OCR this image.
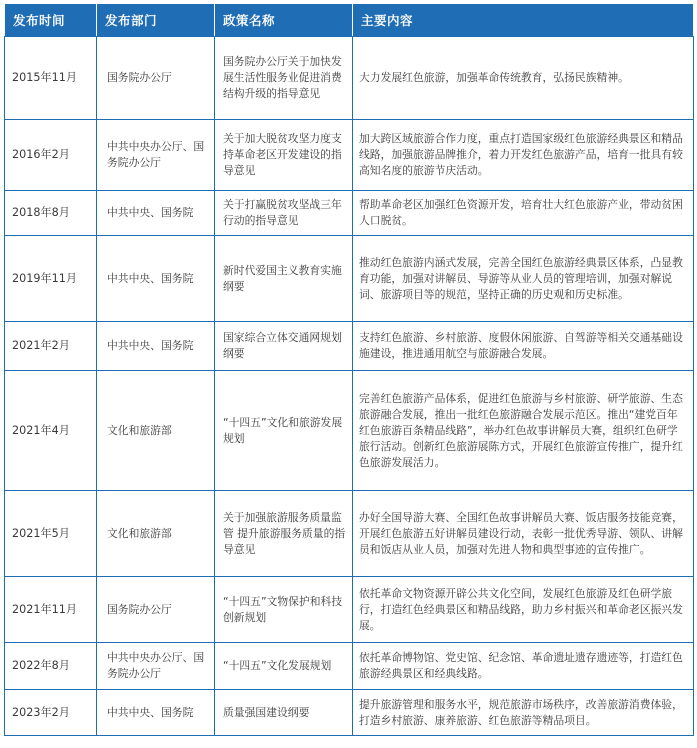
发布时间	发布部门	政策名称	主要内容
2015年11月	国务院办公厅	国务院办公厅关于加快发展生活性服务业促进消费结构升级的指导意见	大力发展红色旅游，加强革命传统教育，弘扬民族精神。
2016年2月	中共中央办公厅、国务院办公厅	关于加大脱贫攻坚力度支持革命老区开发建设的指导意见	加大跨区域旅游合作力度，重点打造国家级红色旅游经典景区和精品线路，加强旅游品牌推介，着力开发红色旅游产品，培育一批具有较高知名度的旅游节庆活动。
2018年8月	中共中央、国务院	关于打赢脱贫攻坚战三年行动的指导意见	帮助革命老区加强红色资源开发，培育壮大红色旅游产业，带动贫困人口脱贫。
2019年11月	中共中央、国务院	新时代爱国主义教育实施纲要	推动红色旅游内涵式发展，完善全国红色旅游经典景区体系，凸显教育功能，加强对讲解员、导游等从业人员的管理培训，加强对解说词、旅游项目等的规范，坚持正确的历史观和历史标准。
2021年2月	中共中央、国务院	国家综合立体交通网规划纲要	支持红色旅游、乡村旅游、度假休闲旅游、自驾游等相关交通基础设施建设，推进通用航空与旅游融合发展。
2021年4月	文化和旅游部	“十四五”文化和旅游发展规划	完善红色旅游产品体系，促进红色旅游与乡村旅游、研学旅游、生态旅游融合发展，推出一批红色旅游融合发展示范区。推出“建党百年红色旅游百条精品线路”，举办红色故事讲解员大赛，组织红色研学旅行活动。创新红色旅游展陈方式，开展红色旅游宣传推广，提升红色旅游发展活力。
2021年5月	文化和旅游部	关于加强旅游服务质量监管 提升旅游服务质量的指导意见	办好全国导游大赛、全国红色故事讲解员大赛、饭店服务技能竞赛，开展红色旅游五好讲解员建设行动，表彰一批优秀导游、领队、讲解员和饭店从业人员，加强对先进人物和典型事迹的宣传推广。
2021年11月	国务院办公厅	“十四五”文物保护和科技创新规划	依托革命文物资源开辟公共文化空间，发展红色旅游及红色研学旅行，打造红色经典景区和精品线路，助力乡村振兴和革命老区振兴发展。
2022年8月	中共中央办公厅、国务院办公厅	“十四五”文化发展规划	依托革命博物馆、党史馆、纪念馆、革命遗址遗存遗迹等，打造红色旅游经典景区和经典线路。
2023年2月	中共中央、国务院	质量强国建设纲要	提升旅游管理和服务水平，规范旅游市场秩序，改善旅游消费体验，打造乡村旅游、康养旅游、红色旅游等精品项目。
